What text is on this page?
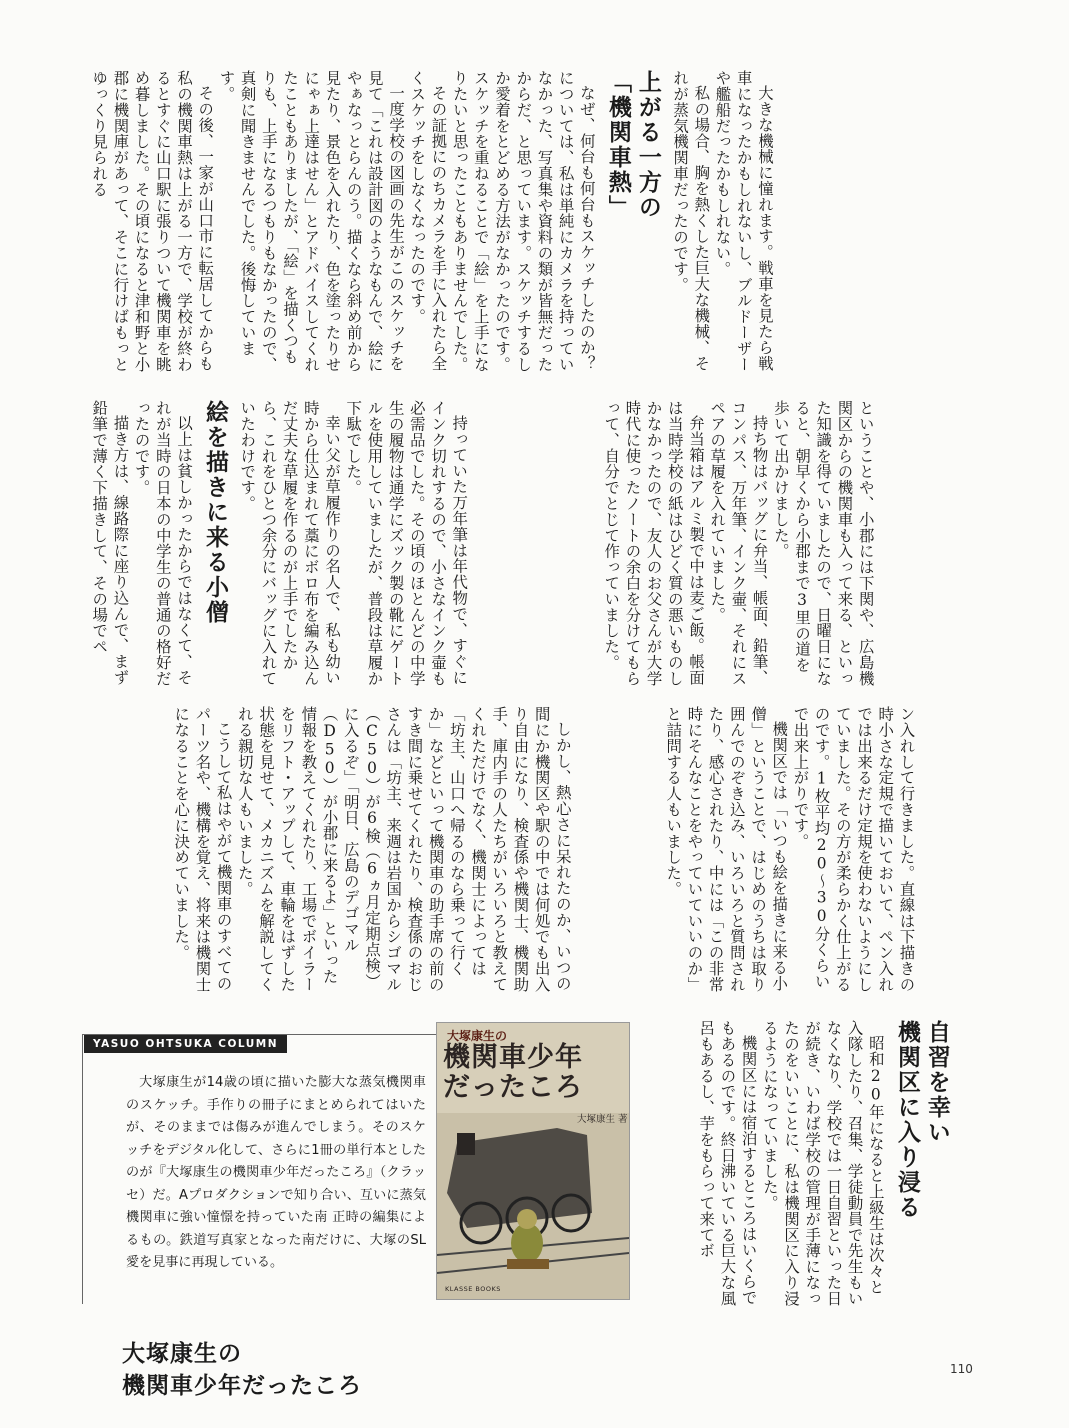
大きな機械に憧れます。戦車を見たら戦車になったかもしれないし、ブルドーザーや艦船だったかもしれない。

私の場合、胸を熱くした巨大な機械、それが蒸気機関車だったのです。

上がる一方の
「機関車熱」

なぜ、何台も何台もスケッチしたのか？ については、私は単純にカメラを持っていなかった、写真集や資料の類が皆無だったからだ、と思っています。スケッチするしか愛着をとどめる方法がなかったのです。スケッチを重ねることで「絵」を上手になりたいと思ったこともありませんでした。

その証拠にのちカメラを手に入れたら全くスケッチをしなくなったのです。

一度学校の図画の先生がこのスケッチを見て「これは設計図のようなもんで、絵にやぁなっとらんのう。描くなら斜め前から見たり、景色を入れたり、色を塗ったりせにゃぁ上達はせん」とアドバイスしてくれたこともありましたが、「絵」を描くつもりも、上手になるつもりもなかったので、真剣に聞きませんでした。後悔しています。

その後、一家が山口市に転居してからも私の機関車熱は上がる一方で、学校が終わるとすぐに山口駅に張りついて機関車を眺め暮しました。その頃になると津和野と小郡に機関庫があって、そこに行けばもっとゆっくり見られる

ということや、小郡には下関や、広島機関区からの機関車も入って来る、といった知識を得ていましたので、日曜日になると、朝早くから小郡まで3里の道を歩いて出かけました。

持ち物はバッグに弁当、帳面、鉛筆、コンパス、万年筆、インク壷、それにスペアの草履を入れていました。

弁当箱はアルミ製で中は麦ご飯。帳面は当時学校の紙はひどく質の悪いものしかなかったので、友人のお父さんが大学時代に使ったノートの余白を分けてもらって、自分でとじて作っていました。

持っていた万年筆は年代物で、すぐにインク切れするので、小さなインク壷も必需品でした。その頃のほとんどの中学生の履物は通学にズック製の靴にゲートルを使用していましたが、普段は草履か下駄でした。

幸い父が草履作りの名人で、私も幼い時から仕込まれて藁にボロ布を編み込んだ丈夫な草履を作るのが上手でしたから、これをひとつ余分にバッグに入れていたわけです。

絵を描きに来る小僧

以上は貧しかったからではなくて、それが当時の日本の中学生の普通の格好だったのです。

描き方は、線路際に座り込んで、まず鉛筆で薄く下描きして、その場でペ

ン入れして行きました。直線は下描きの時小さな定規で描いておいて、ペン入れでは出来るだけ定規を使わないようにしていました。その方が柔らかく仕上がるのです。1枚平均20～30分くらいで出来上がりです。

機関区では「いつも絵を描きに来る小僧」ということで、はじめのうちは取り囲んでのぞき込み、いろいろと質問されたり、感心されたり、中には「この非常時にそんなことをやっていていいのか」と詰問する人もいました。

しかし、熱心さに呆れたのか、いつの間にか機関区や駅の中では何処でも出入り自由になり、検査係や機関士、機関助手、庫内手の人たちがいろいろと教えてくれただけでなく、機関士によっては「坊主、山口へ帰るのなら乗って行くか」などといって機関車の助手席の前のすき間に乗せてくれたり、検査係のおじさんは「坊主、来週は岩国からシゴマル（C50）が6検（6ヵ月定期点検）に入るぞ」「明日、広島のデゴマル（D50）が小郡に来るよ」といった情報を教えてくれたり、工場でボイラーをリフト・アップして、車輪をはずした状態を見せて、メカニズムを解説してくれる親切な人もいました。

こうして私はやがて機関車のすべてのパーツ名や、機構を覚え、将来は機関士になることを心に決めていました。

自習を幸い
機関区に入り浸る

昭和20年になると上級生は次々と入隊したり、召集、学徒動員で先生もいなくなり、学校では一日自習といった日が続き、いわば学校の管理が手薄になったのをいいことに、私は機関区に入り浸るようになっていました。

機関区には宿泊するところはいくらでもあるのです。終日沸いている巨大な風呂もあるし、芋をもらって来てボ

YASUO OHTSUKA COLUMN

大塚康生が14歳の頃に描いた膨大な蒸気機関車のスケッチ。手作りの冊子にまとめられてはいたが、そのままでは傷みが進んでしまう。そのスケッチをデジタル化して、さらに1冊の単行本としたのが『大塚康生の機関車少年だったころ』（クラッセ）だ。Aプロダクションで知り合い、互いに蒸気機関車に強い憧憬を持っていた南 正時の編集によるもの。鉄道写真家となった南だけに、大塚のSL愛を見事に再現している。

大塚康生の
機関車少年だったころ
大塚康生の
機関車少年
だったころ
大塚康生 著
KLASSE BOOKS
110
